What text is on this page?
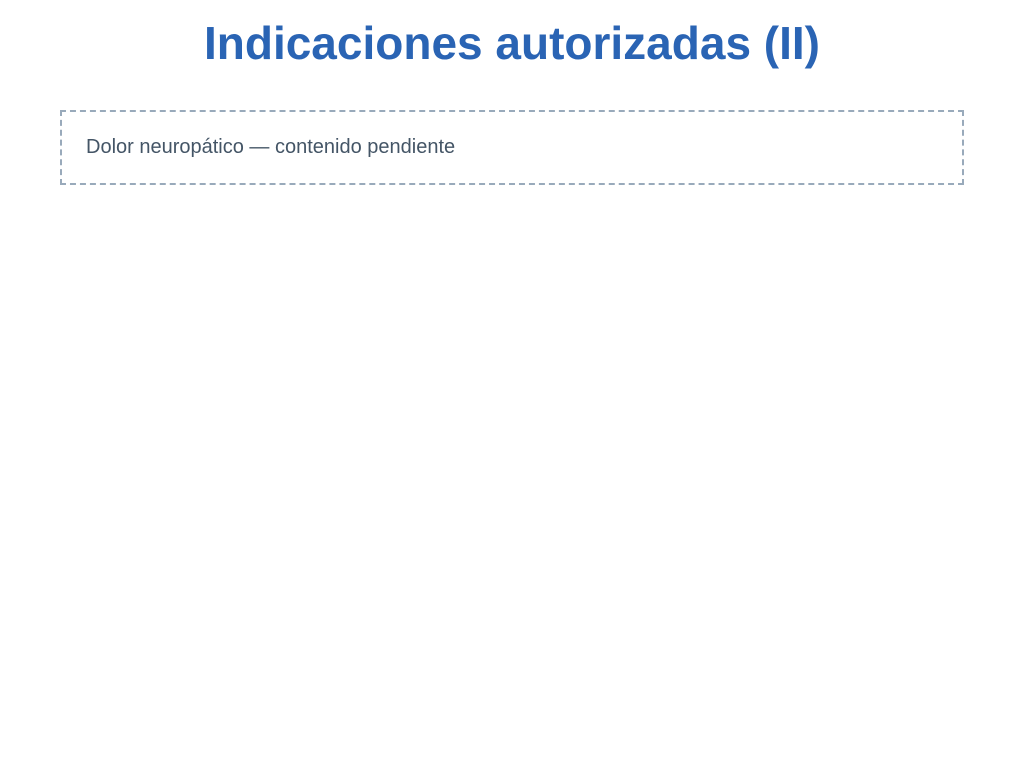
Indicaciones autorizadas (II)
Dolor neuropático — contenido pendiente
